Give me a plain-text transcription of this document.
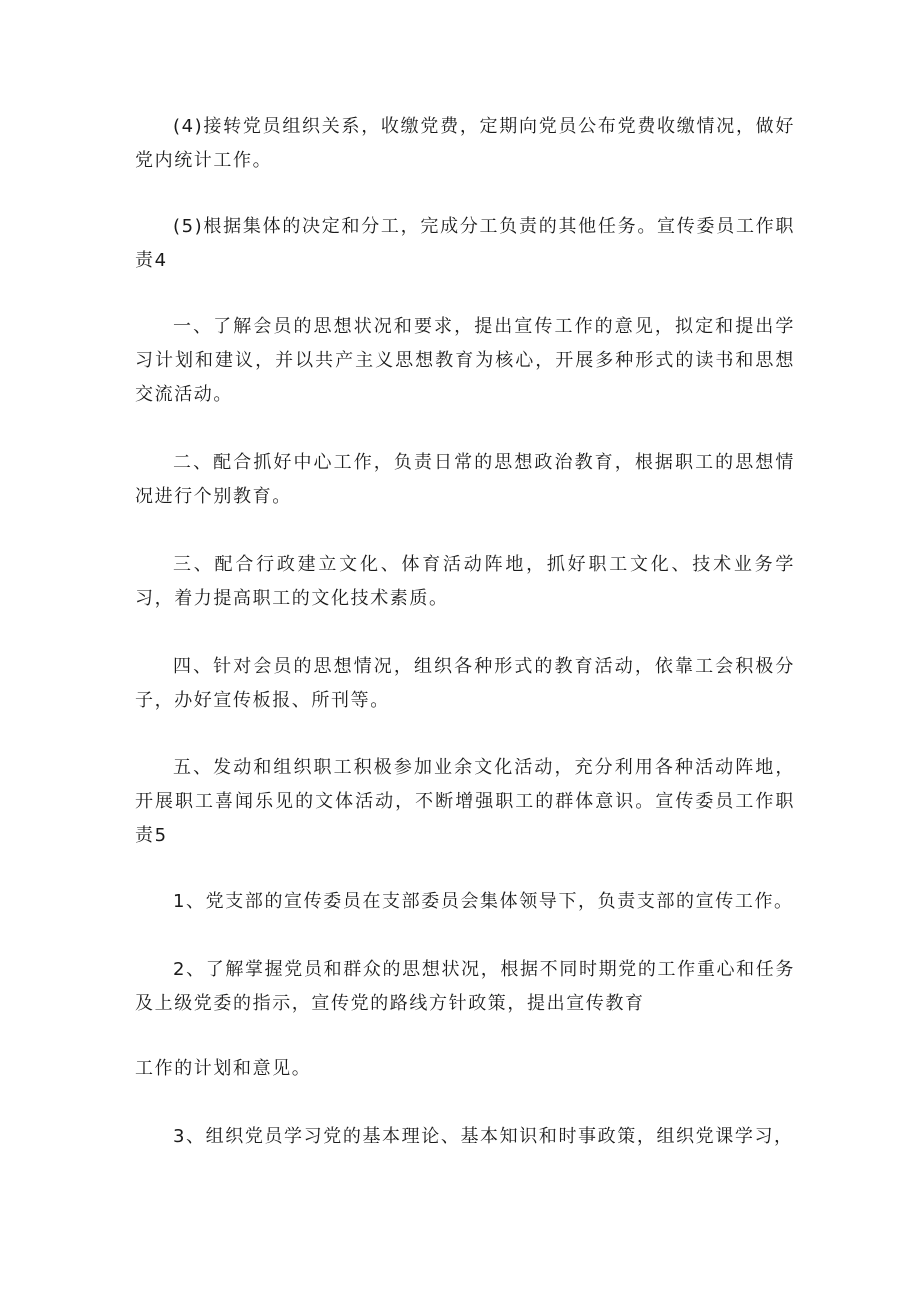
(4)接转党员组织关系，收缴党费，定期向党员公布党费收缴情况，做好党内统计工作。

(5)根据集体的决定和分工，完成分工负责的其他任务。宣传委员工作职责4

一、了解会员的思想状况和要求，提出宣传工作的意见，拟定和提出学习计划和建议，并以共产主义思想教育为核心，开展多种形式的读书和思想交流活动。

二、配合抓好中心工作，负责日常的思想政治教育，根据职工的思想情况进行个别教育。

三、配合行政建立文化、体育活动阵地，抓好职工文化、技术业务学习，着力提高职工的文化技术素质。

四、针对会员的思想情况，组织各种形式的教育活动，依靠工会积极分子，办好宣传板报、所刊等。

五、发动和组织职工积极参加业余文化活动，充分利用各种活动阵地，开展职工喜闻乐见的文体活动，不断增强职工的群体意识。宣传委员工作职责5

1、党支部的宣传委员在支部委员会集体领导下，负责支部的宣传工作。

2、了解掌握党员和群众的思想状况，根据不同时期党的工作重心和任务及上级党委的指示，宣传党的路线方针政策，提出宣传教育

工作的计划和意见。

3、组织党员学习党的基本理论、基本知识和时事政策，组织党课学习，
